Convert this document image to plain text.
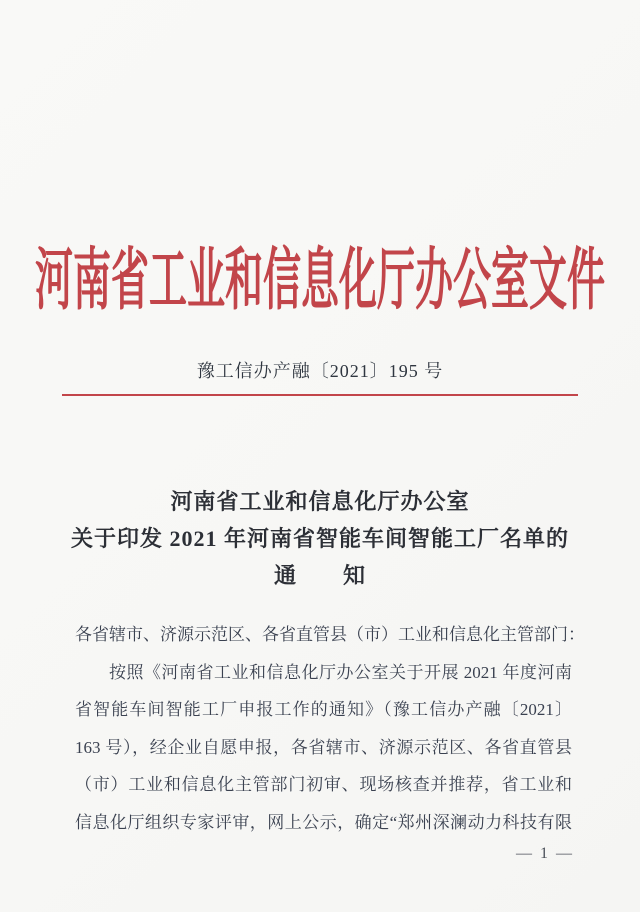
河南省工业和信息化厅办公室文件
豫工信办产融〔2021〕195 号
河南省工业和信息化厅办公室
关于印发 2021 年河南省智能车间智能工厂名单的
通　　知
各省辖市、济源示范区、各省直管县（市）工业和信息化主管部门：
按照《河南省工业和信息化厅办公室关于开展 2021 年度河南
省智能车间智能工厂申报工作的通知》（豫工信办产融〔2021〕
163 号），经企业自愿申报，各省辖市、济源示范区、各省直管县
（市）工业和信息化主管部门初审、现场核查并推荐，省工业和
信息化厅组织专家评审，网上公示，确定“郑州深澜动力科技有限
— 1 —
